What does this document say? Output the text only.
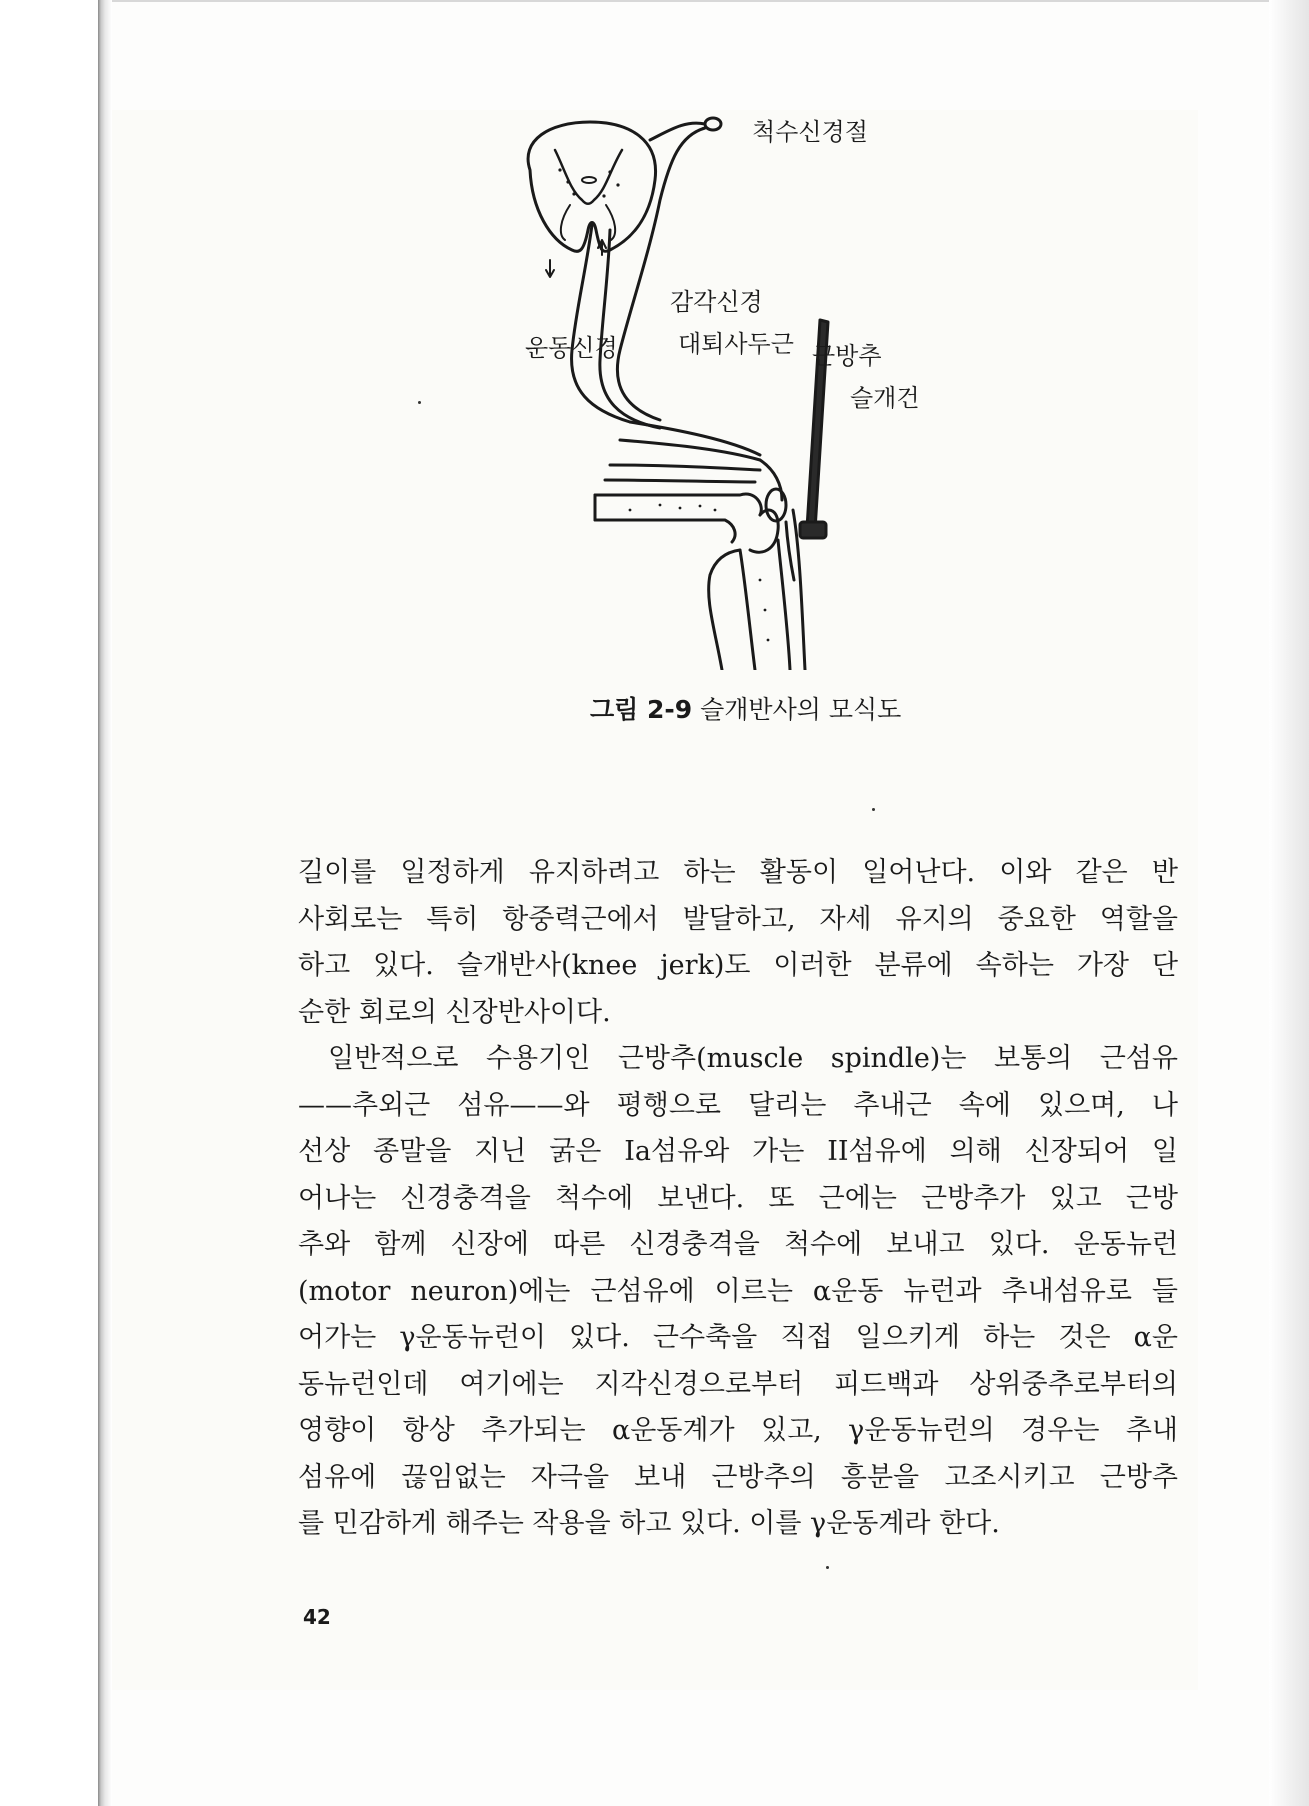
척수신경절
감각신경
운동신경	대퇴사두근 근방추
슬개건
그림 2-9 슬개반사의 모식도

길이를 일정하게 유지하려고 하는 활동이 일어난다. 이와 같은 반
사회로는 특히 항중력근에서 발달하고, 자세 유지의 중요한 역할을
하고 있다. 슬개반사(knee jerk)도 이러한 분류에 속하는 가장 단
순한 회로의 신장반사이다.

일반적으로 수용기인 근방추(muscle spindle)는 보통의 근섬유
——추외근 섬유——와 평행으로 달리는 추내근 속에 있으며, 나
선상 종말을 지닌 굵은 Ia섬유와 가는 II섬유에 의해 신장되어 일
어나는 신경충격을 척수에 보낸다. 또 근에는 근방추가 있고 근방
추와 함께 신장에 따른 신경충격을 척수에 보내고 있다. 운동뉴런
(motor neuron)에는 근섬유에 이르는 α운동 뉴런과 추내섬유로 들
어가는 γ운동뉴런이 있다. 근수축을 직접 일으키게 하는 것은 α운
동뉴런인데 여기에는 지각신경으로부터 피드백과 상위중추로부터의
영향이 항상 추가되는 α운동계가 있고, γ운동뉴런의 경우는 추내
섬유에 끊임없는 자극을 보내 근방추의 흥분을 고조시키고 근방추
를 민감하게 해주는 작용을 하고 있다. 이를 γ운동계라 한다.

42
